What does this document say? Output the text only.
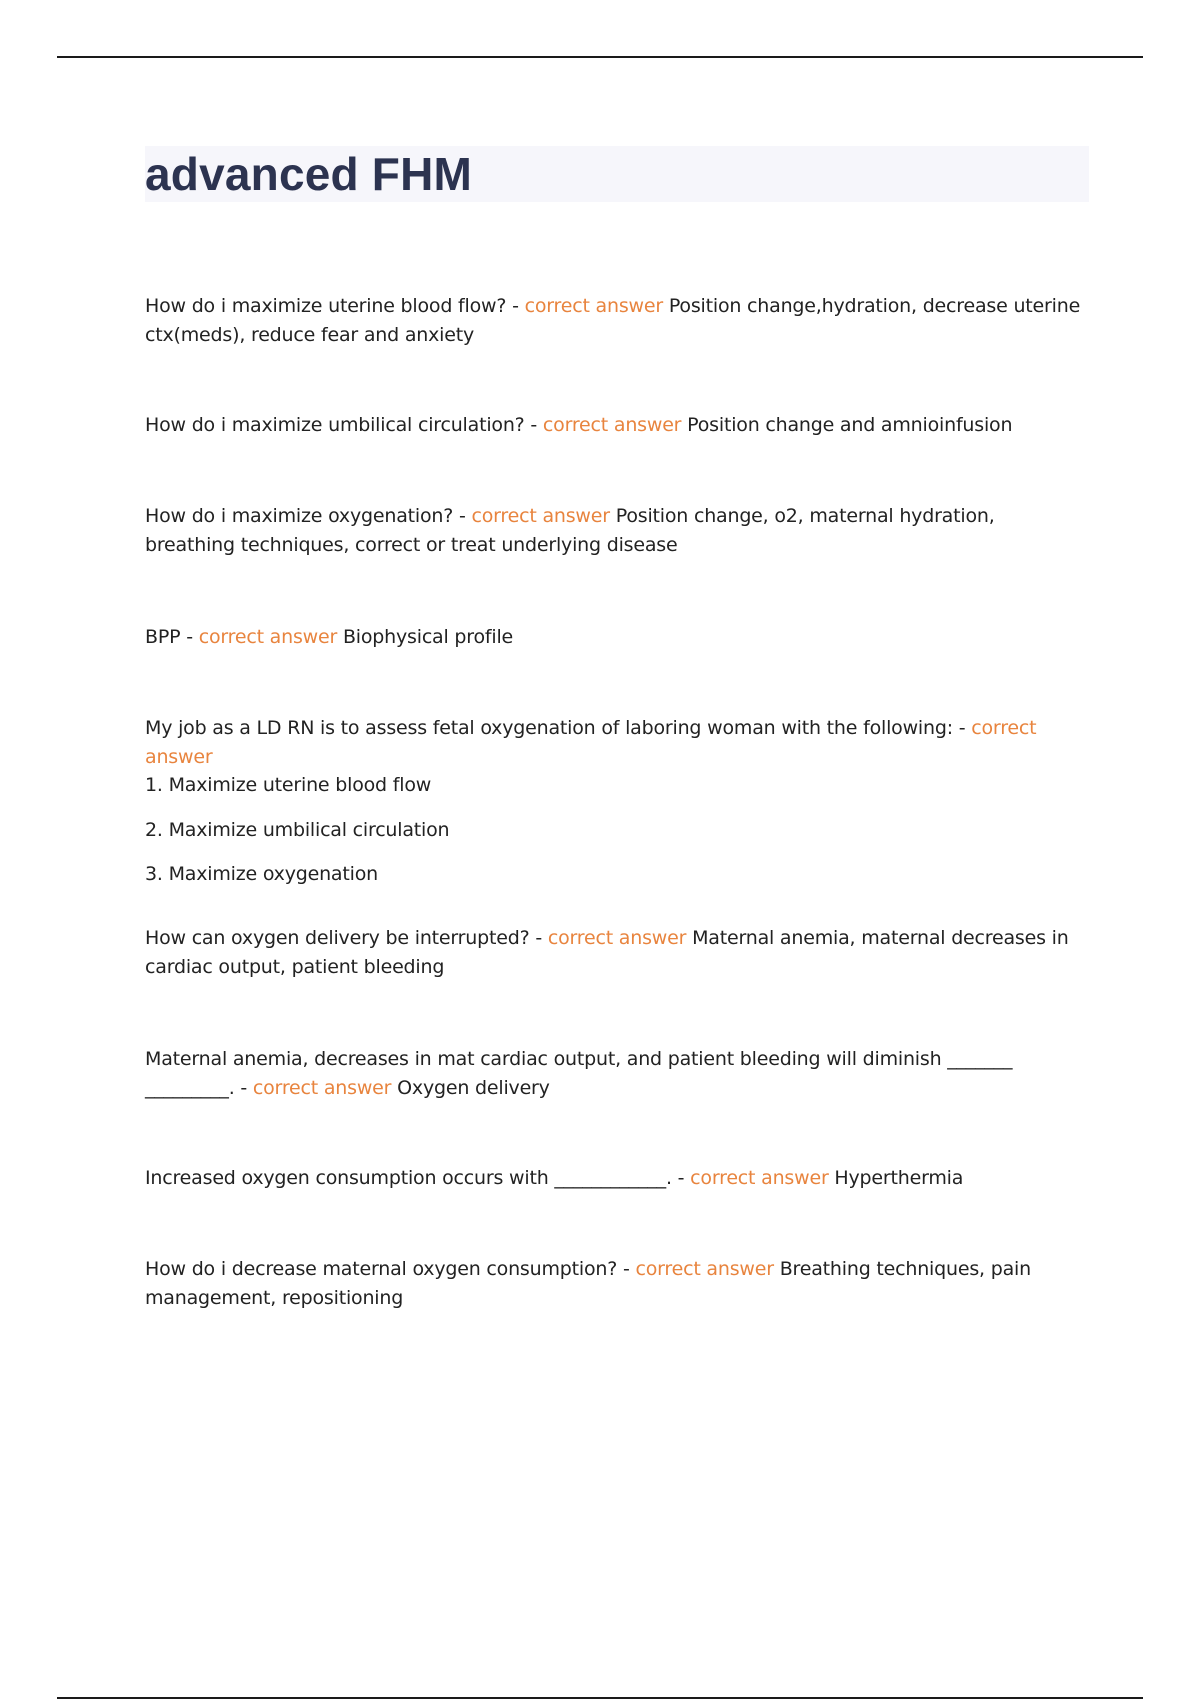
advanced FHM

How do i maximize uterine blood flow? - correct answer Position change,hydration, decrease uterine ctx(meds), reduce fear and anxiety

How do i maximize umbilical circulation? - correct answer Position change and amnioinfusion

How do i maximize oxygenation? - correct answer Position change, o2, maternal hydration, breathing techniques, correct or treat underlying disease

BPP - correct answer Biophysical profile

My job as a LD RN is to assess fetal oxygenation of laboring woman with the following: - correct answer

1. Maximize uterine blood flow

2. Maximize umbilical circulation

3. Maximize oxygenation

How can oxygen delivery be interrupted? - correct answer Maternal anemia, maternal decreases in cardiac output, patient bleeding

Maternal anemia, decreases in mat cardiac output, and patient bleeding will diminish _______ _________. - correct answer Oxygen delivery

Increased oxygen consumption occurs with ____________. - correct answer Hyperthermia

How do i decrease maternal oxygen consumption? - correct answer Breathing techniques, pain management, repositioning
